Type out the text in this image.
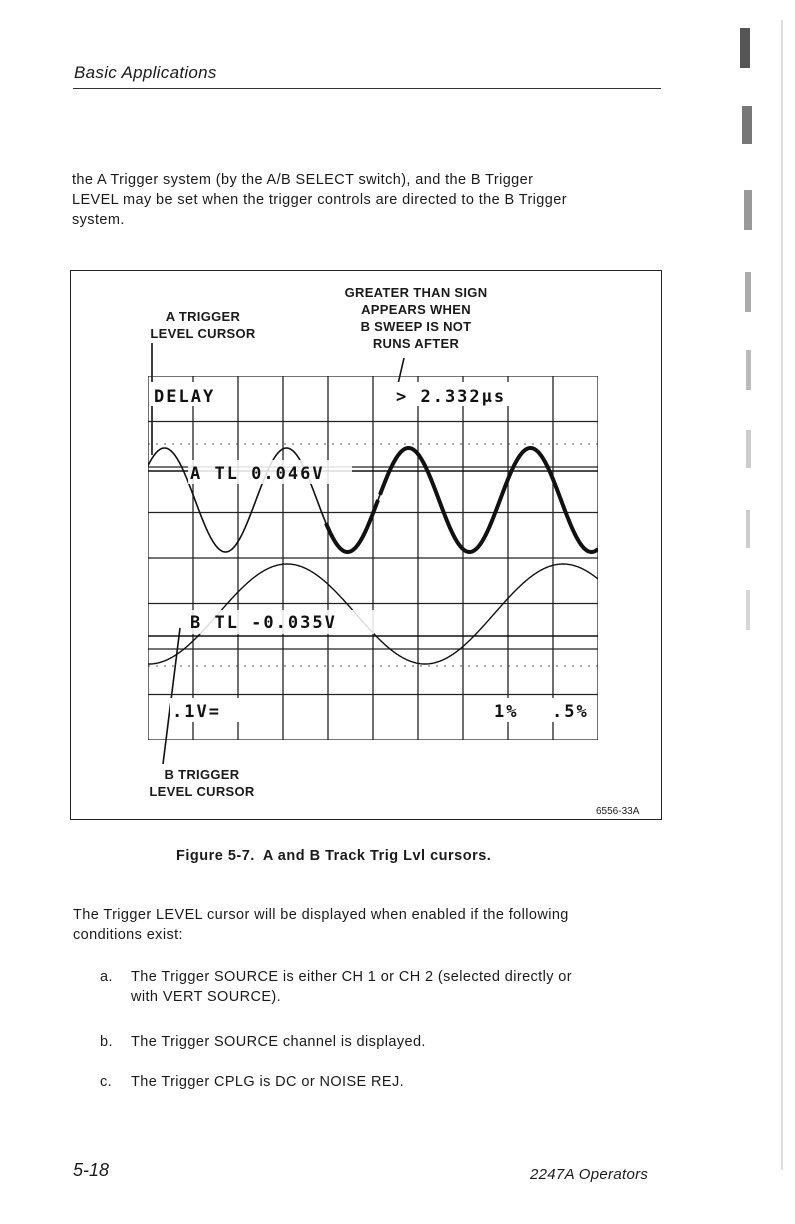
Basic Applications
the A Trigger system (by the A/B SELECT switch), and the B Trigger
LEVEL may be set when the trigger controls are directed to the B Trigger
system.
A TRIGGER
LEVEL CURSOR
GREATER THAN SIGN
APPEARS WHEN
B SWEEP IS NOT
RUNS AFTER
B TRIGGER
LEVEL CURSOR
DELAY	> 2.332µs
A TL 0.046V
B TL -0.035V
.1V=	1% .5%
6556-33A
Figure 5-7. A and B Track Trig Lvl cursors.
The Trigger LEVEL cursor will be displayed when enabled if the following
conditions exist:
a.	The Trigger SOURCE is either CH 1 or CH 2 (selected directly or
with VERT SOURCE).
b.	The Trigger SOURCE channel is displayed.
c.	The Trigger CPLG is DC or NOISE REJ.
5-18	2247A Operators
